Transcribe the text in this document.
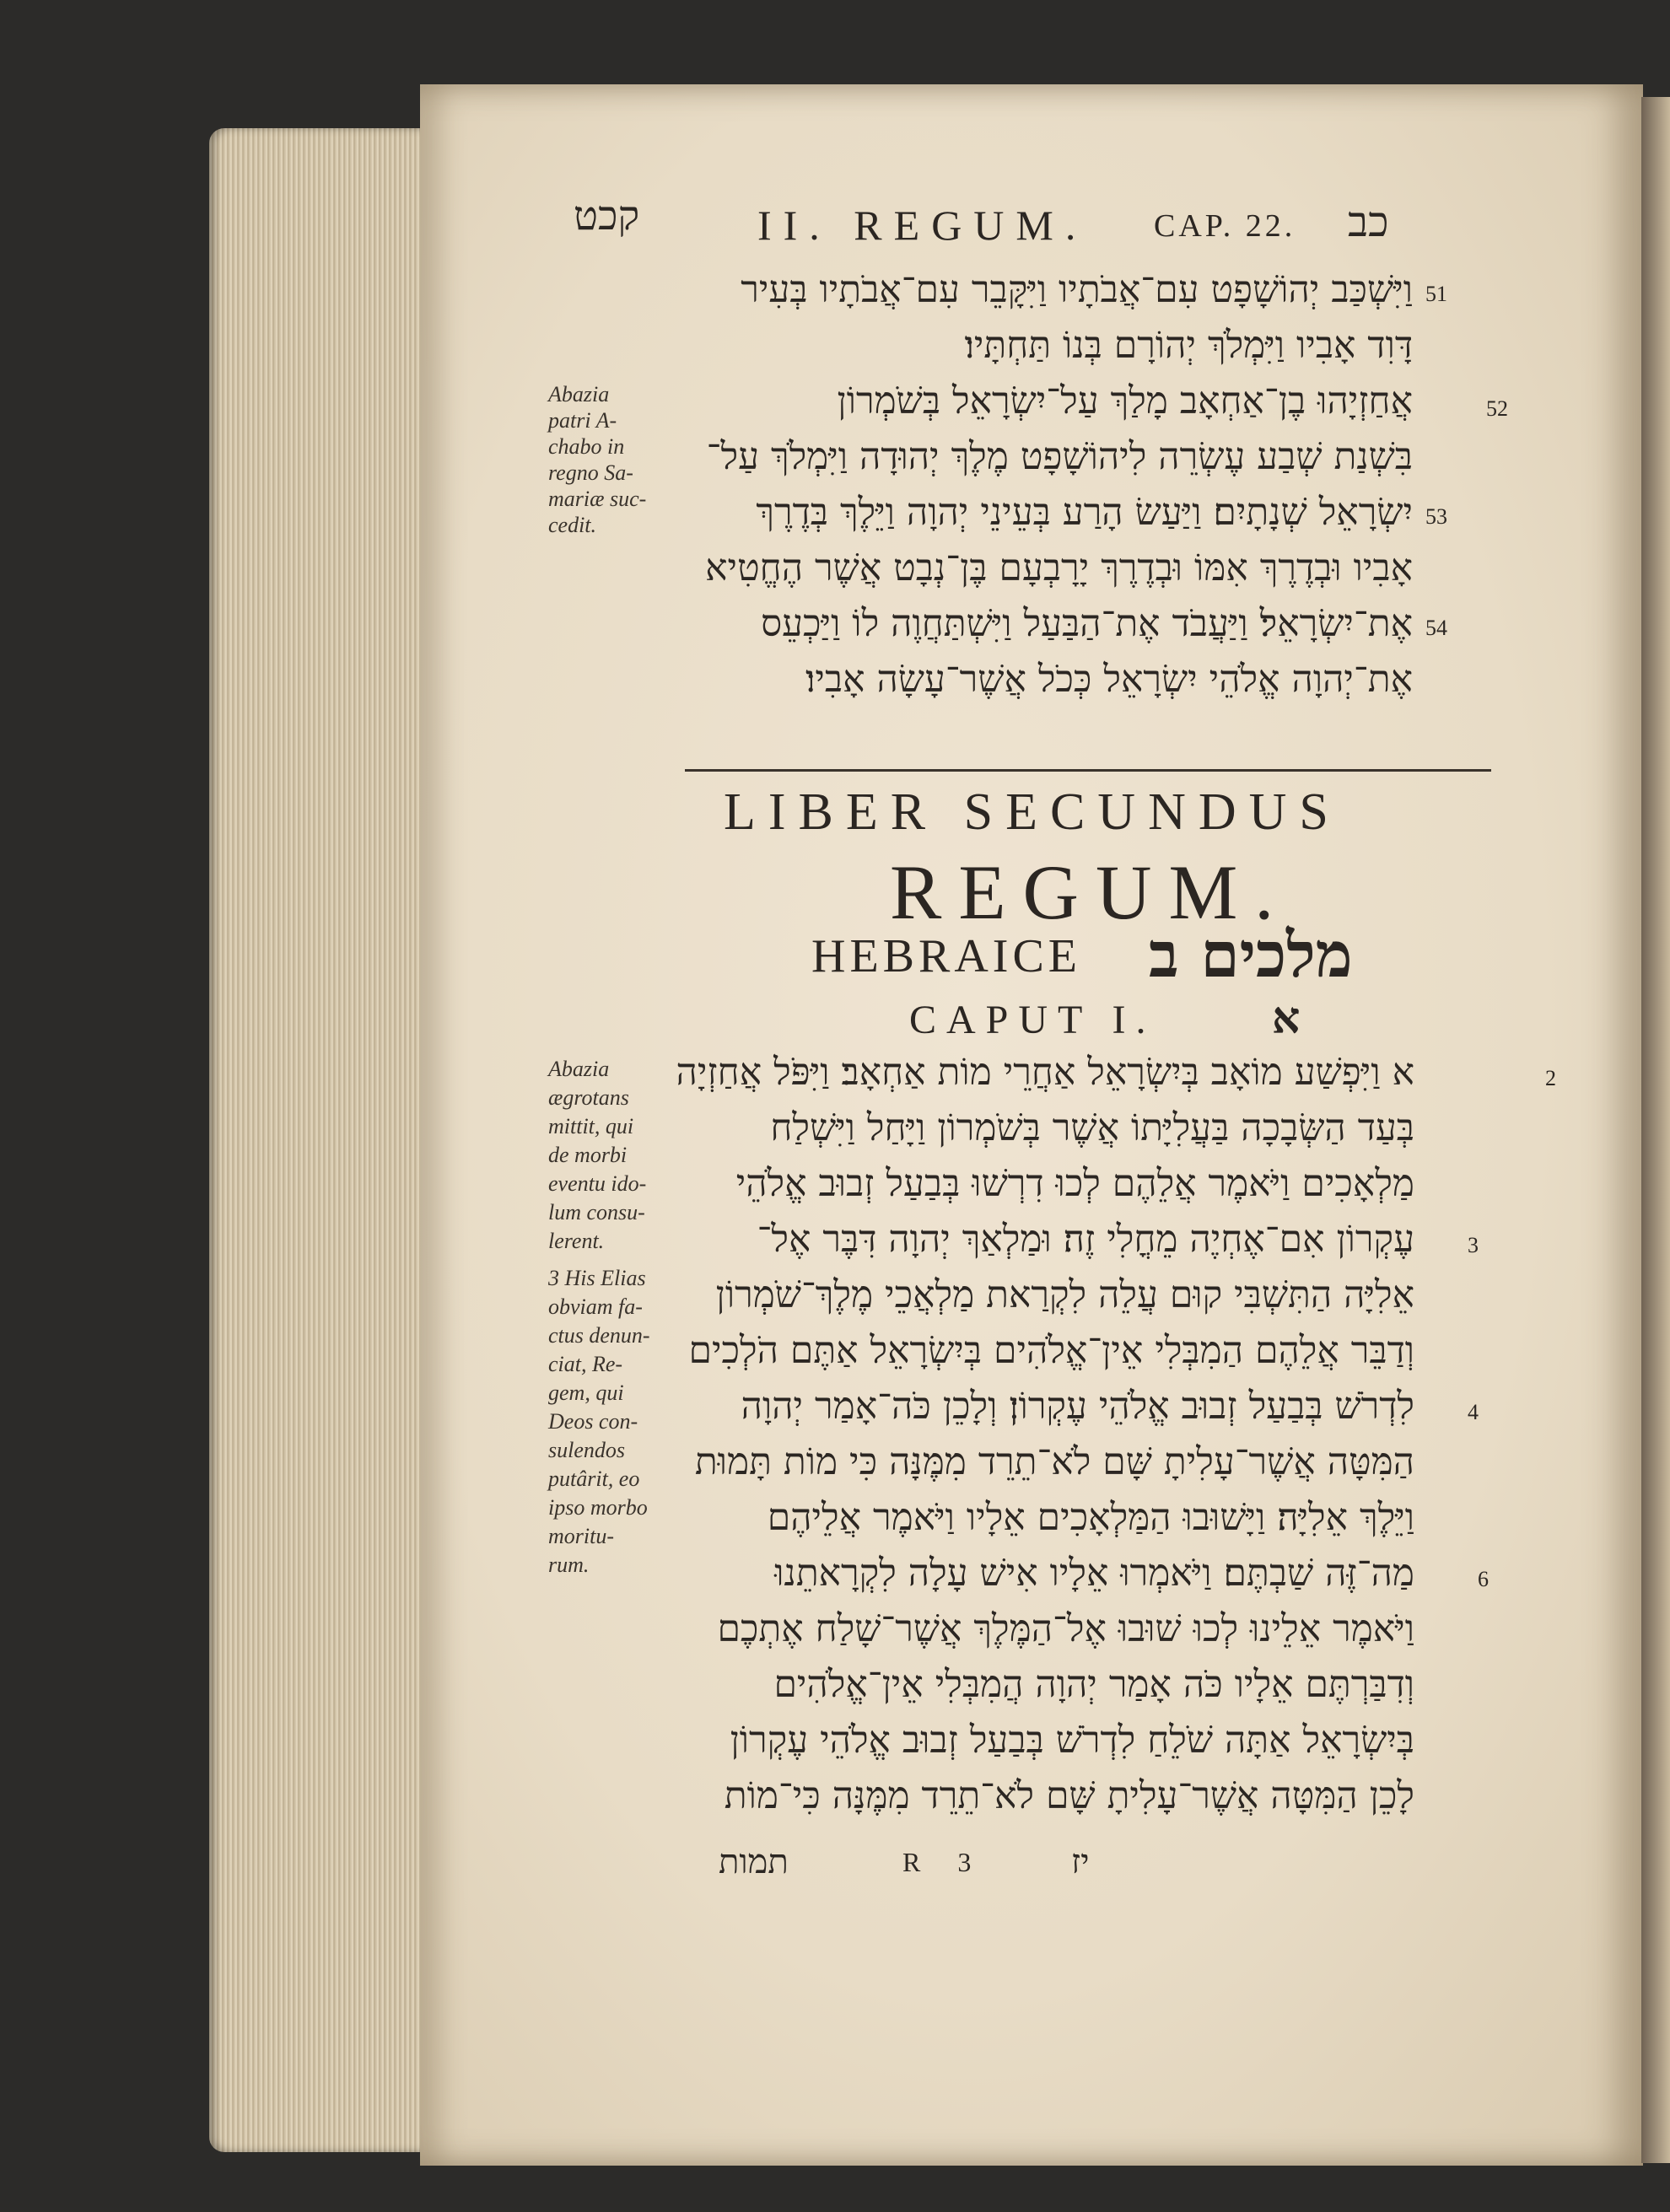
קכט	II. REGUM. CAP. 22. כב
וַיִּשְׁכַּב יְהוֹשָׁפָט עִם־אֲבֹתָיו וַיִּקָּבֵר עִם־אֲבֹתָיו בְּעִיר
דָּוִד אָבִיו וַיִּמְלֹךְ יְהוֹרָם בְּנוֹ תַּחְתָּיו׃
אֲחַזְיָהוּ בֶן־אַחְאָב מָלַךְ עַל־יִשְׂרָאֵל בְּשֹׁמְרוֹן
בִּשְׁנַת שְׁבַע עֶשְׂרֵה לִיהוֹשָׁפָט מֶלֶךְ יְהוּדָה וַיִּמְלֹךְ עַל־
יִשְׂרָאֵל שְׁנָתָיִם׃ וַיַּעַשׂ הָרַע בְּעֵינֵי יְהוָה וַיֵּלֶךְ בְּדֶרֶךְ
אָבִיו וּבְדֶרֶךְ אִמּוֹ וּבְדֶרֶךְ יָרָבְעָם בֶּן־נְבָט אֲשֶׁר הֶחֱטִיא
אֶת־יִשְׂרָאֵל׃ וַיַּעֲבֹד אֶת־הַבַּעַל וַיִּשְׁתַּחֲוֶה לוֹ וַיַּכְעֵס
אֶת־יְהוָה אֱלֹהֵי יִשְׂרָאֵל כְּכֹל אֲשֶׁר־עָשָׂה אָבִיו׃
51
52
53
54
Abazia
patri A-
chabo in
regno Sa-
mariæ suc-
cedit.
LIBER SECUNDUS
REGUM.
HEBRAICE מלכים ב
CAPUT I.	א
א וַיִּפְשַׁע מוֹאָב בְּיִשְׂרָאֵל אַחֲרֵי מוֹת אַחְאָב׃ וַיִּפֹּל אֲחַזְיָה
בְּעַד הַשְּׂבָכָה בַּעֲלִיָּתוֹ אֲשֶׁר בְּשֹׁמְרוֹן וַיָּחַל וַיִּשְׁלַח
מַלְאָכִים וַיֹּאמֶר אֲלֵהֶם לְכוּ דִרְשׁוּ בְּבַעַל זְבוּב אֱלֹהֵי
עֶקְרוֹן אִם־אֶחְיֶה מֵחֳלִי זֶה׃ וּמַלְאַךְ יְהוָה דִּבֶּר אֶל־
אֵלִיָּה הַתִּשְׁבִּי קוּם עֲלֵה לִקְרַאת מַלְאֲכֵי מֶלֶךְ־שֹׁמְרוֹן
וְדַבֵּר אֲלֵהֶם הַמִבְּלִי אֵין־אֱלֹהִים בְּיִשְׂרָאֵל אַתֶּם הֹלְכִים
לִדְרֹשׁ בְּבַעַל זְבוּב אֱלֹהֵי עֶקְרוֹן׃ וְלָכֵן כֹּה־אָמַר יְהוָה
הַמִּטָּה אֲשֶׁר־עָלִיתָ שָּׁם לֹא־תֵרֵד מִמֶּנָּה כִּי מוֹת תָּמוּת
וַיֵּלֶךְ אֵלִיָּה׃ וַיָּשׁוּבוּ הַמַּלְאָכִים אֵלָיו וַיֹּאמֶר אֲלֵיהֶם
מַה־זֶּה שַׁבְתֶּם׃ וַיֹּאמְרוּ אֵלָיו אִישׁ עָלָה לִקְרָאתֵנוּ
וַיֹּאמֶר אֵלֵינוּ לְכוּ שׁוּבוּ אֶל־הַמֶּלֶךְ אֲשֶׁר־שָׁלַח אֶתְכֶם
וְדִבַּרְתֶּם אֵלָיו כֹּה אָמַר יְהוָה הֲמִבְּלִי אֵין־אֱלֹהִים
בְּיִשְׂרָאֵל אַתָּה שֹׁלֵחַ לִדְרֹשׁ בְּבַעַל זְבוּב אֱלֹהֵי עֶקְרוֹן
לָכֵן הַמִּטָּה אֲשֶׁר־עָלִיתָ שָּׁם לֹא־תֵרֵד מִמֶּנָּה כִּי־מוֹת
2
3
4
6
Abazia
ægrotans
mittit, qui
de morbi
eventu ido-
lum consu-
lerent.
3 His Elias
obviam fa-
ctus denun-
ciat, Re-
gem, qui
Deos con-
sulendos
putârit, eo
ipso morbo
moritu-
rum.
תמות	R 3	יז
